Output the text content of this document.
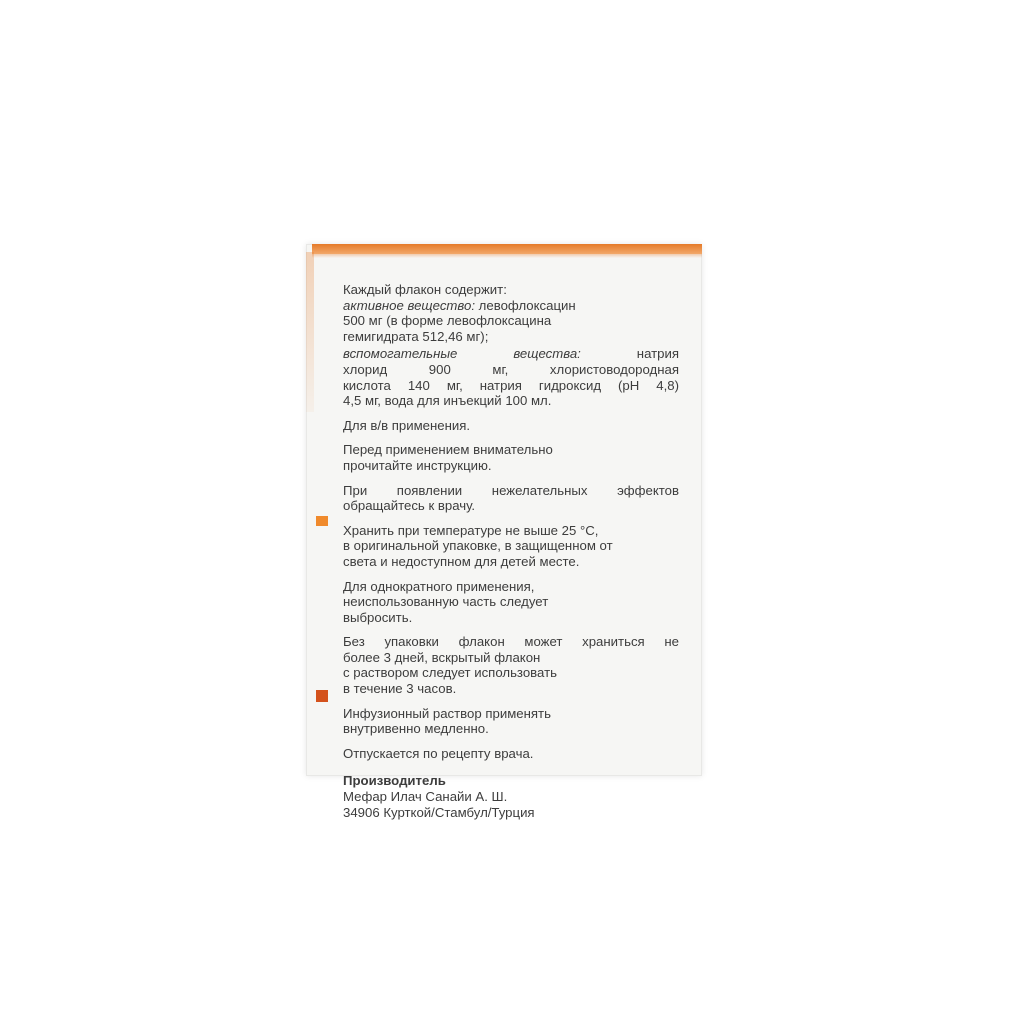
Каждый флакон содержит:
активное вещество: левофлоксацин
500 мг (в форме левофлоксацина
гемигидрата 512,46 мг);

вспомогательные вещества: натрия
хлорид 900 мг, хлористоводородная
кислота 140 мг, натрия гидроксид (pH 4,8)
4,5 мг, вода для инъекций 100 мл.

Для в/в применения.

Перед применением внимательно
прочитайте инструкцию.

При появлении нежелательных эффектов
обращайтесь к врачу.

Хранить при температуре не выше 25 °С,
в оригинальной упаковке, в защищенном от
света и недоступном для детей месте.

Для однократного применения,
неиспользованную часть следует
выбросить.

Без упаковки флакон может храниться не
более 3 дней, вскрытый флакон
с раствором следует использовать
в течение 3 часов.

Инфузионный раствор применять
внутривенно медленно.

Отпускается по рецепту врача.

Производитель
Мефар Илач Санайи А. Ш.
34906 Курткой/Стамбул/Турция
